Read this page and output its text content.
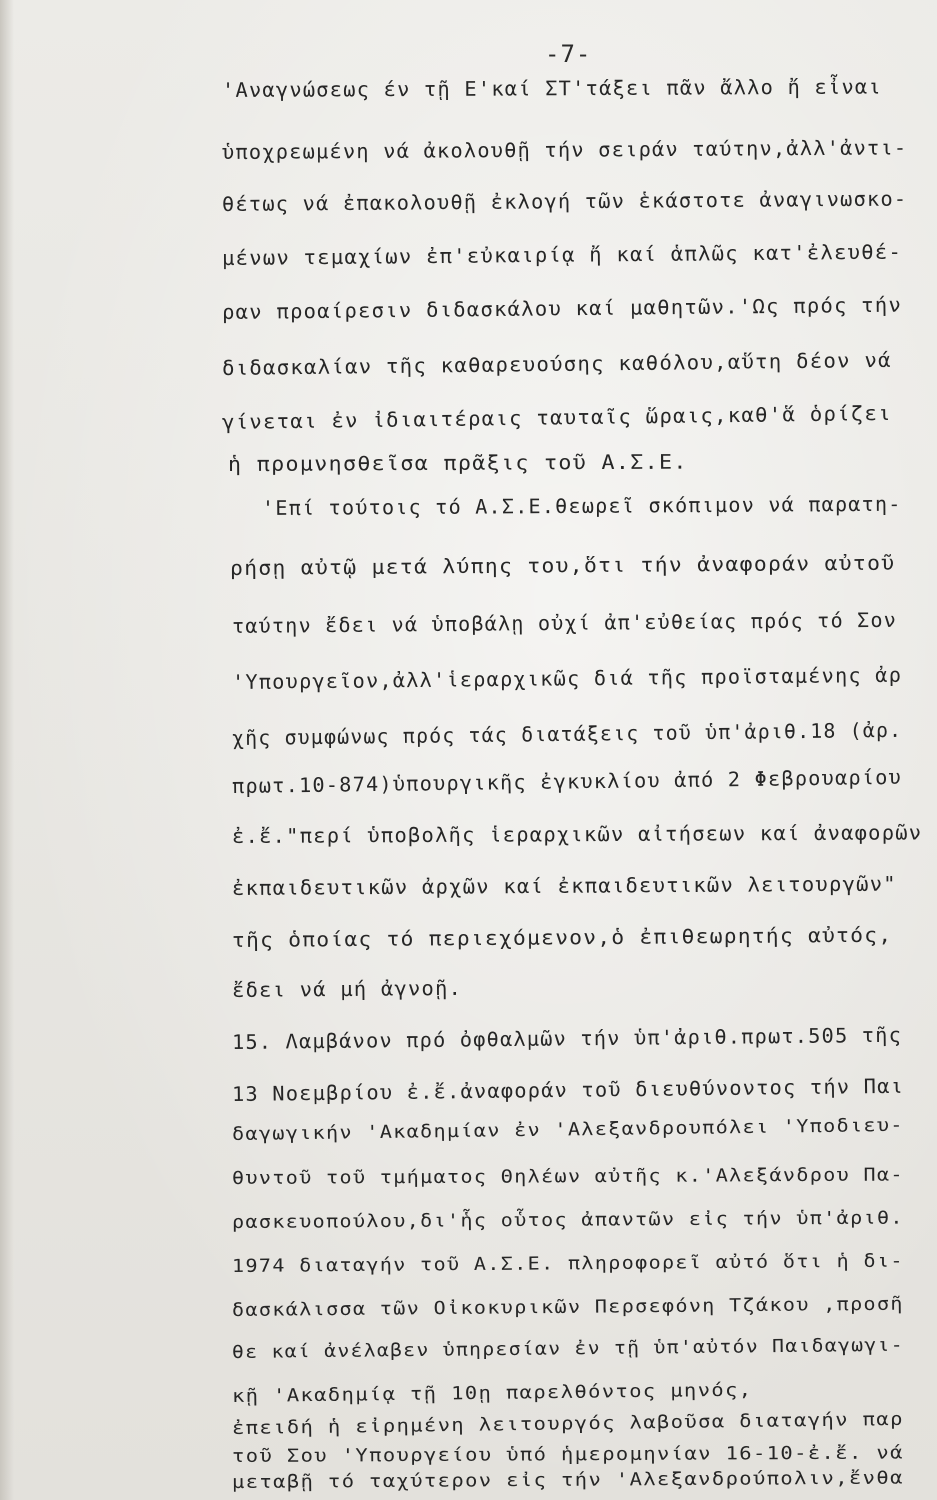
-7-
'Αναγνώσεως έν τῇ Ε'καί ΣΤ'τάξει πᾶν ἄλλο ἤ εἶναι
ὑποχρεωμένη νά ἀκολουθῇ τήν σειράν ταύτην,ἀλλ'ἀντι-
θέτως νά ἐπακολουθῇ ἐκλογή τῶν ἑκάστοτε ἀναγινωσκο-
μένων τεμαχίων ἐπ'εὐκαιρίᾳ ἤ καί ἁπλῶς κατ'ἐλευθέ-
ραν προαίρεσιν διδασκάλου καί μαθητῶν.'Ως πρός τήν
διδασκαλίαν τῆς καθαρευούσης καθόλου,αὕτη δέον νά
γίνεται ἐν ἰδιαιτέραις ταυταῖς ὥραις,καθ'ἅ ὁρίζει
ἡ προμνησθεῖσα πρᾶξις τοῦ Α.Σ.Ε.
'Επί τούτοις τό Α.Σ.Ε.θεωρεῖ σκόπιμον νά παρατη-
ρήσῃ αὐτῷ μετά λύπης του,ὅτι τήν ἀναφοράν αὐτοῦ
ταύτην ἔδει νά ὑποβάλῃ οὐχί ἀπ'εὐθείας πρός τό Σον
'Υπουργεῖον,ἀλλ'ἱεραρχικῶς διά τῆς προϊσταμένης ἀρ
χῆς συμφώνως πρός τάς διατάξεις τοῦ ὑπ'ἀριθ.18 (ἀρ.
πρωτ.10-874)ὑπουργικῆς ἐγκυκλίου ἀπό 2 Φεβρουαρίου
ἐ.ἔ."περί ὑποβολῆς ἱεραρχικῶν αἰτήσεων καί ἀναφορῶν
ἐκπαιδευτικῶν ἀρχῶν καί ἐκπαιδευτικῶν λειτουργῶν"
τῆς ὁποίας τό περιεχόμενον,ὁ ἐπιθεωρητής αὐτός,
ἔδει νά μή ἀγνοῇ.
15. Λαμβάνον πρό ὀφθαλμῶν τήν ὑπ'ἀριθ.πρωτ.505 τῆς
13 Νοεμβρίου ἐ.ἔ.ἀναφοράν τοῦ διευθύνοντος τήν Παι
δαγωγικήν 'Ακαδημίαν ἐν 'Αλεξανδρουπόλει 'Υποδιευ-
θυντοῦ τοῦ τμήματος Θηλέων αὐτῆς κ.'Αλεξάνδρου Πα-
ρασκευοπούλου,δι'ἧς οὗτος ἀπαντῶν εἰς τήν ὑπ'ἀριθ.
1974 διαταγήν τοῦ Α.Σ.Ε. πληροφορεῖ αὐτό ὅτι ἡ δι-
δασκάλισσα τῶν Οἰκοκυρικῶν Περσεφόνη Τζάκου ,προσῆ
θε καί ἀνέλαβεν ὑπηρεσίαν ἐν τῇ ὑπ'αὐτόν Παιδαγωγι-
κῇ 'Ακαδημίᾳ τῇ 10ῃ παρελθόντος μηνός,
ἐπειδή ἡ εἰρημένη λειτουργός λαβοῦσα διαταγήν παρ
τοῦ Σου 'Υπουργείου ὑπό ἡμερομηνίαν 16-10-ἐ.ἔ. νά
μεταβῇ τό ταχύτερον εἰς τήν 'Αλεξανδρούπολιν,ἔνθα
